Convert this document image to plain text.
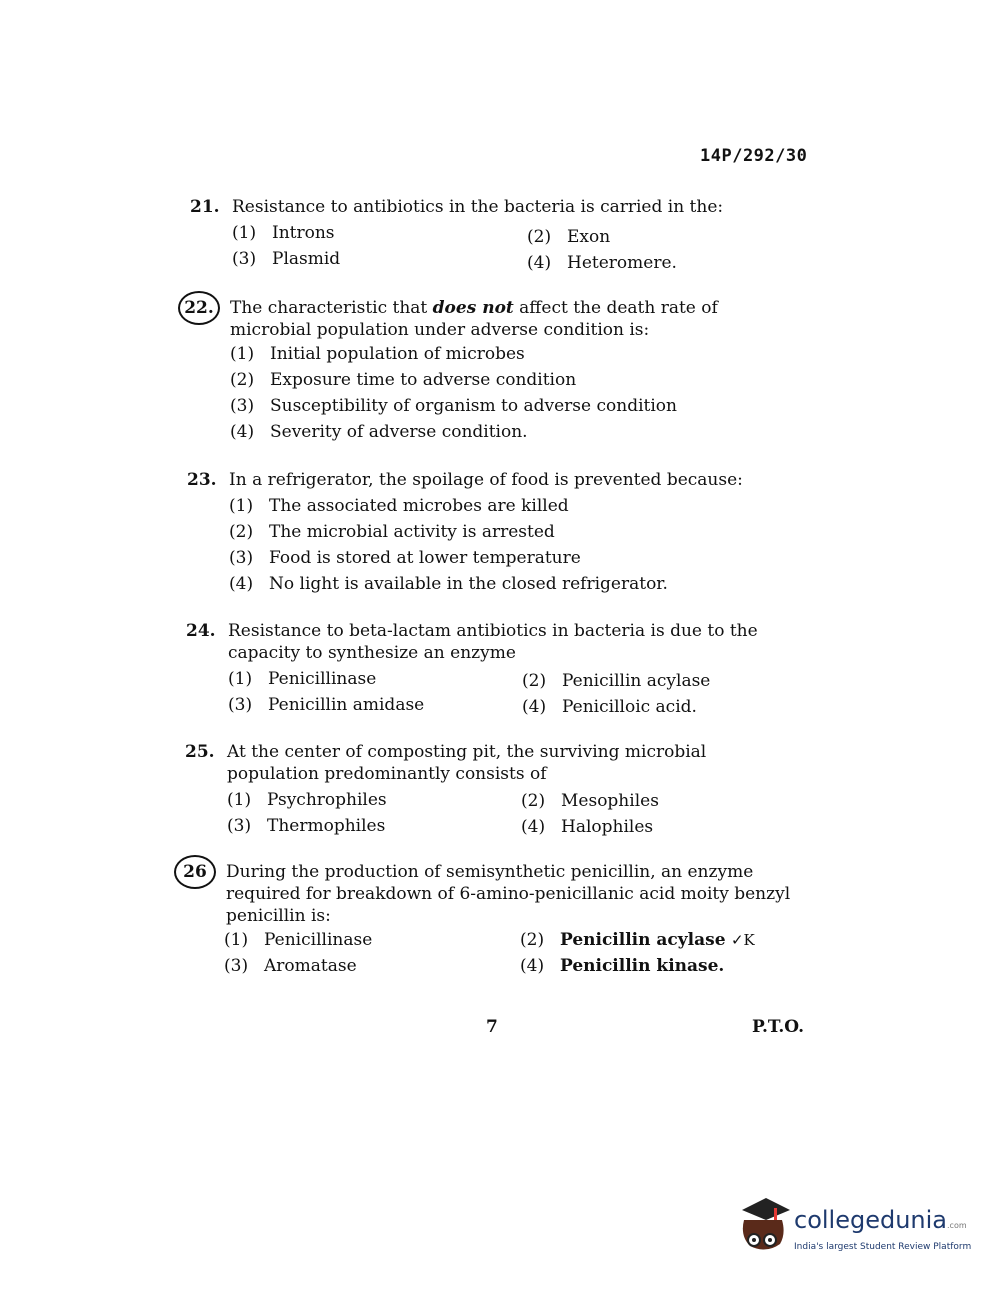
14P/292/30
21. Resistance to antibiotics in the bacteria is carried in the:
(1) Introns	(2) Exon
(3) Plasmid	(4) Heteromere.
22. The characteristic that does not affect the death rate of microbial population under adverse condition is:
(1) Initial population of microbes
(2) Exposure time to adverse condition
(3) Susceptibility of organism to adverse condition
(4) Severity of adverse condition.
23. In a refrigerator, the spoilage of food is prevented because:
(1) The associated microbes are killed
(2) The microbial activity is arrested
(3) Food is stored at lower temperature
(4) No light is available in the closed refrigerator.
24. Resistance to beta-lactam antibiotics in bacteria is due to the capacity to synthesize an enzyme
(1) Penicillinase	(2) Penicillin acylase
(3) Penicillin amidase	(4) Penicilloic acid.
25. At the center of composting pit, the surviving microbial population predominantly consists of
(1) Psychrophiles	(2) Mesophiles
(3) Thermophiles	(4) Halophiles
26	During the production of semisynthetic penicillin, an enzyme required for breakdown of 6-amino-penicillanic acid moity benzyl penicillin is:
(1) Penicillinase	(2) Penicillin acylase ✓K
(3) Aromatase	(4) Penicillin kinase.
7	P.T.O.
collegedunia.com
India's largest Student Review Platform
